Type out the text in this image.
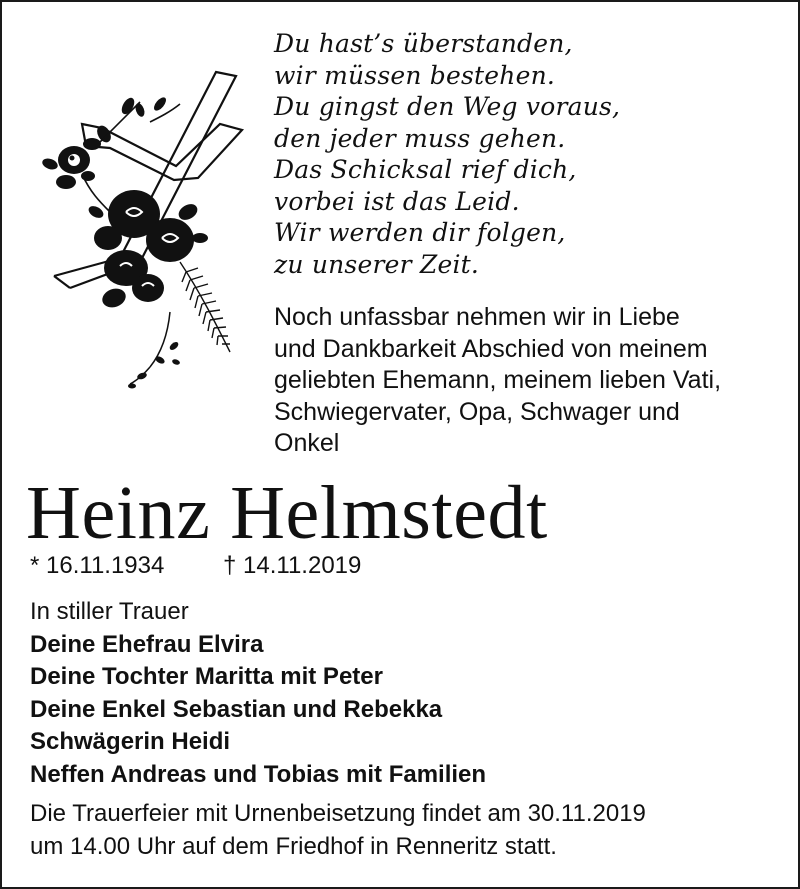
Du hast’s überstanden,
wir müssen bestehen.
Du gingst den Weg voraus,
den jeder muss gehen.
Das Schicksal rief dich,
vorbei ist das Leid.
Wir werden dir folgen,
zu unserer Zeit.
Noch unfassbar nehmen wir in Liebe
und Dankbarkeit Abschied von meinem
geliebten Ehemann, meinem lieben Vati,
Schwiegervater, Opa, Schwager und
Onkel
Heinz Helmstedt
* 16.11.1934 † 14.11.2019
In stiller Trauer
Deine Ehefrau Elvira
Deine Tochter Maritta mit Peter
Deine Enkel Sebastian und Rebekka
Schwägerin Heidi
Neffen Andreas und Tobias mit Familien
Die Trauerfeier mit Urnenbeisetzung findet am 30.11.2019
um 14.00 Uhr auf dem Friedhof in Renneritz statt.
